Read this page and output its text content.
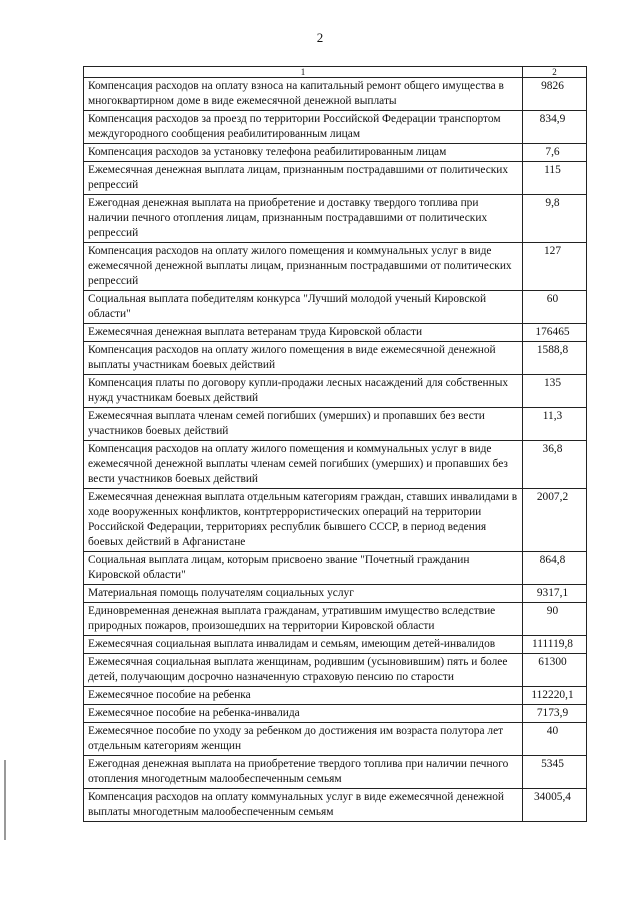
2
1	2
Компенсация расходов на оплату взноса на капитальный ремонт общего имущества в многоквартирном доме в виде ежемесячной денежной выплаты	9826
Компенсация расходов за проезд по территории Российской Федерации транспортом междугородного сообщения реабилитированным лицам	834,9
Компенсация расходов за установку телефона реабилитированным лицам	7,6
Ежемесячная денежная выплата лицам, признанным пострадавшими от политических репрессий	115
Ежегодная денежная выплата на приобретение и доставку твердого топлива при наличии печного отопления лицам, признанным пострадавшими от политических репрессий	9,8
Компенсация расходов на оплату жилого помещения и коммунальных услуг в виде ежемесячной денежной выплаты лицам, признанным пострадавшими от политических репрессий	127
Социальная выплата победителям конкурса "Лучший молодой ученый Кировской области"	60
Ежемесячная денежная выплата ветеранам труда Кировской области	176465
Компенсация расходов на оплату жилого помещения в виде ежемесячной денежной выплаты участникам боевых действий	1588,8
Компенсация платы по договору купли-продажи лесных насаждений для собственных нужд участникам боевых действий	135
Ежемесячная выплата членам семей погибших (умерших) и пропавших без вести участников боевых действий	11,3
Компенсация расходов на оплату жилого помещения и коммунальных услуг в виде ежемесячной денежной выплаты членам семей погибших (умерших) и пропавших без вести участников боевых действий	36,8
Ежемесячная денежная выплата отдельным категориям граждан, ставших инвалидами в ходе вооруженных конфликтов, контртеррористических операций на территории Российской Федерации, территориях республик бывшего СССР, в период ведения боевых действий в Афганистане	2007,2
Социальная выплата лицам, которым присвоено звание "Почетный гражданин Кировской области"	864,8
Материальная помощь получателям социальных услуг	9317,1
Единовременная денежная выплата гражданам, утратившим имущество вследствие природных пожаров, произошедших на территории Кировской области	90
Ежемесячная социальная выплата инвалидам и семьям, имеющим детей-инвалидов	111119,8
Ежемесячная социальная выплата женщинам, родившим (усыновившим) пять и более детей, получающим досрочно назначенную страховую пенсию по старости	61300
Ежемесячное пособие на ребенка	112220,1
Ежемесячное пособие на ребенка-инвалида	7173,9
Ежемесячное пособие по уходу за ребенком до достижения им возраста полутора лет отдельным категориям женщин	40
Ежегодная денежная выплата на приобретение твердого топлива при наличии печного отопления многодетным малообеспеченным семьям	5345
Компенсация расходов на оплату коммунальных услуг в виде ежемесячной денежной выплаты многодетным малообеспеченным семьям	34005,4
